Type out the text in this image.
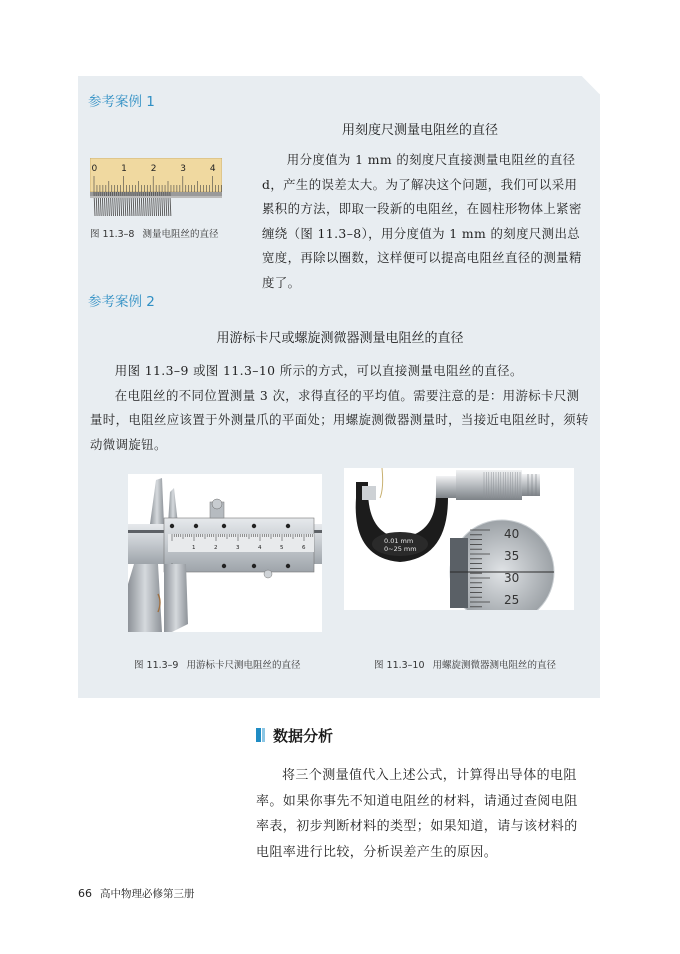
参考案例 1
用刻度尺测量电阻丝的直径
0	1	2	3	4
图 11.3–8 测量电阻丝的直径

用分度值为 1 mm 的刻度尺直接测量电阻丝的直径d，产生的误差太大。为了解决这个问题，我们可以采用累积的方法，即取一段新的电阻丝，在圆柱形物体上紧密缠绕（图 11.3–8），用分度值为 1 mm 的刻度尺测出总宽度，再除以圈数，这样便可以提高电阻丝直径的测量精度了。

参考案例 2
用游标卡尺或螺旋测微器测量电阻丝的直径

用图 11.3–9 或图 11.3–10 所示的方式，可以直接测量电阻丝的直径。

在电阻丝的不同位置测量 3 次，求得直径的平均值。需要注意的是：用游标卡尺测量时，电阻丝应该置于外测量爪的平面处；用螺旋测微器测量时，当接近电阻丝时，须转动微调旋钮。

1	2	3	4	5	6
0.01 mm
0~25 mm
40
35
30
25
图 11.3–9 用游标卡尺测电阻丝的直径	图 11.3–10 用螺旋测微器测电阻丝的直径
数据分析

将三个测量值代入上述公式，计算得出导体的电阻率。如果你事先不知道电阻丝的材料，请通过查阅电阻率表，初步判断材料的类型；如果知道，请与该材料的电阻率进行比较，分析误差产生的原因。

66 高中物理必修第三册
